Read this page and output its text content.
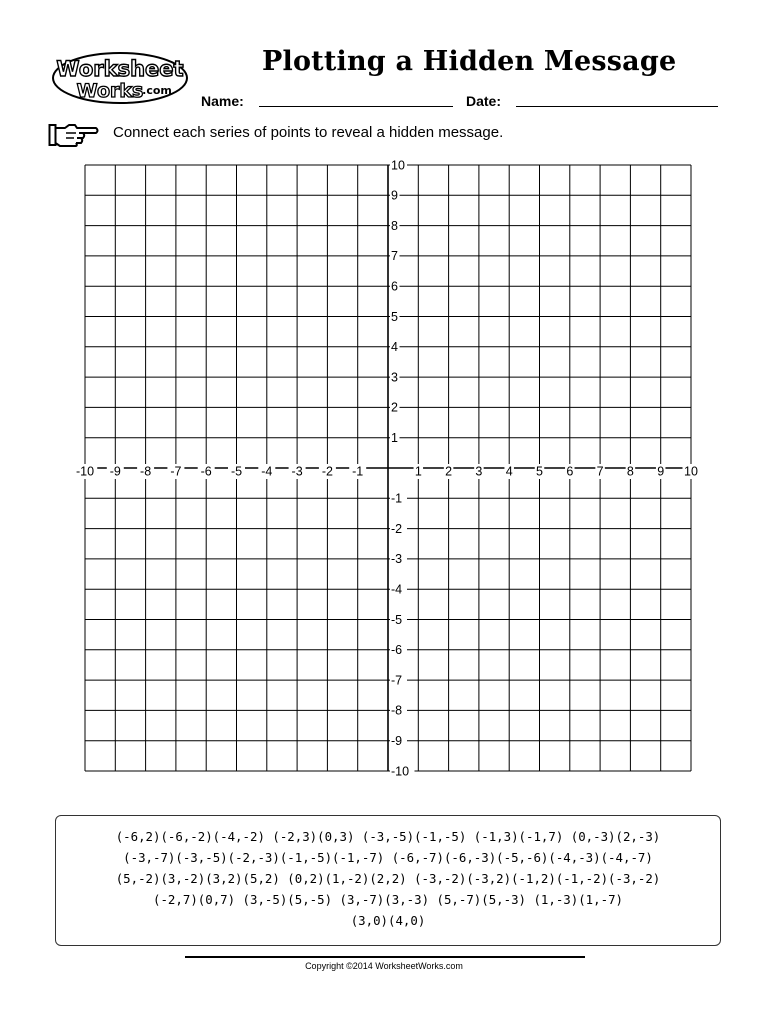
Worksheet
Works
.com
Plotting a Hidden Message
Name:	Date:
Connect each series of points to reveal a hidden message.
-10 -9 -8 -7 -6 -5 -4 -3 -2 -1	1 2 3 4 5 6 7 8 9 10
10
9
8
7
6
5
4
3
2
1
-1
-2
-3
-4
-5
-6
-7
-8
-9
-10
(-6,2)(-6,-2)(-4,-2) (-2,3)(0,3) (-3,-5)(-1,-5) (-1,3)(-1,7) (0,-3)(2,-3)
(-3,-7)(-3,-5)(-2,-3)(-1,-5)(-1,-7) (-6,-7)(-6,-3)(-5,-6)(-4,-3)(-4,-7)
(5,-2)(3,-2)(3,2)(5,2) (0,2)(1,-2)(2,2) (-3,-2)(-3,2)(-1,2)(-1,-2)(-3,-2)
(-2,7)(0,7) (3,-5)(5,-5) (3,-7)(3,-3) (5,-7)(5,-3) (1,-3)(1,-7)
(3,0)(4,0)
Copyright ©2014 WorksheetWorks.com
